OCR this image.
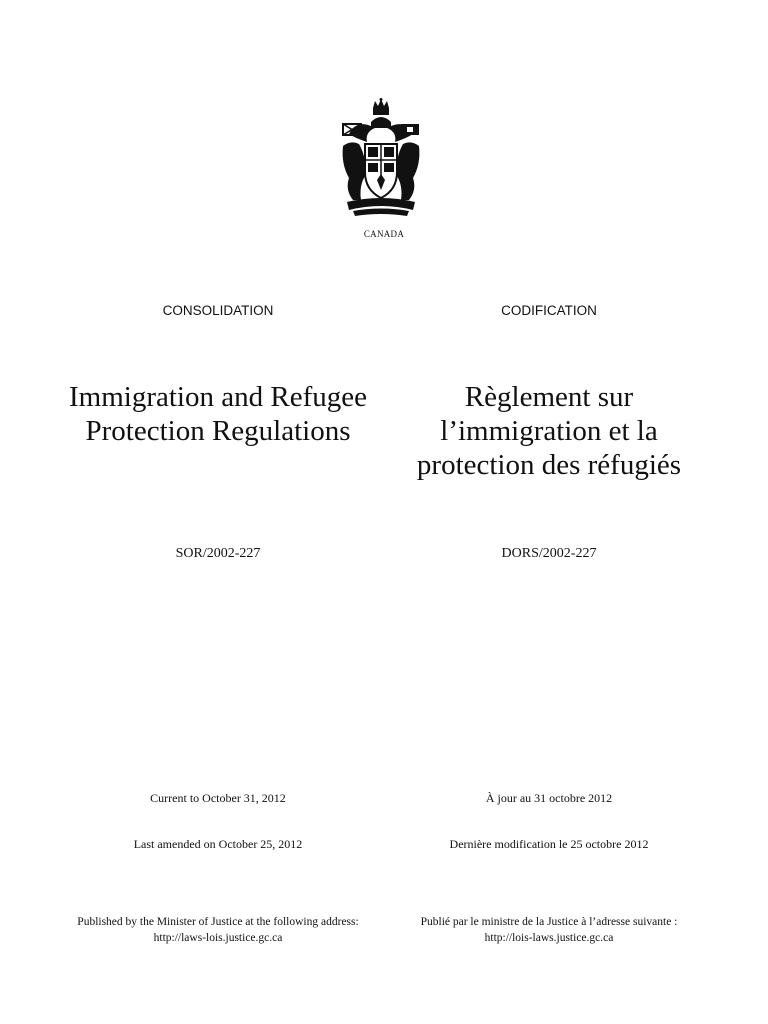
CANADA
CONSOLIDATION	CODIFICATION
Immigration and Refugee
Protection Regulations
Règlement sur
l’immigration et la
protection des réfugiés
SOR/2002-227	DORS/2002-227
Current to October 31, 2012	À jour au 31 octobre 2012
Last amended on October 25, 2012	Dernière modification le 25 octobre 2012
Published by the Minister of Justice at the following address:
http://laws-lois.justice.gc.ca
Publié par le ministre de la Justice à l’adresse suivante :
http://lois-laws.justice.gc.ca
